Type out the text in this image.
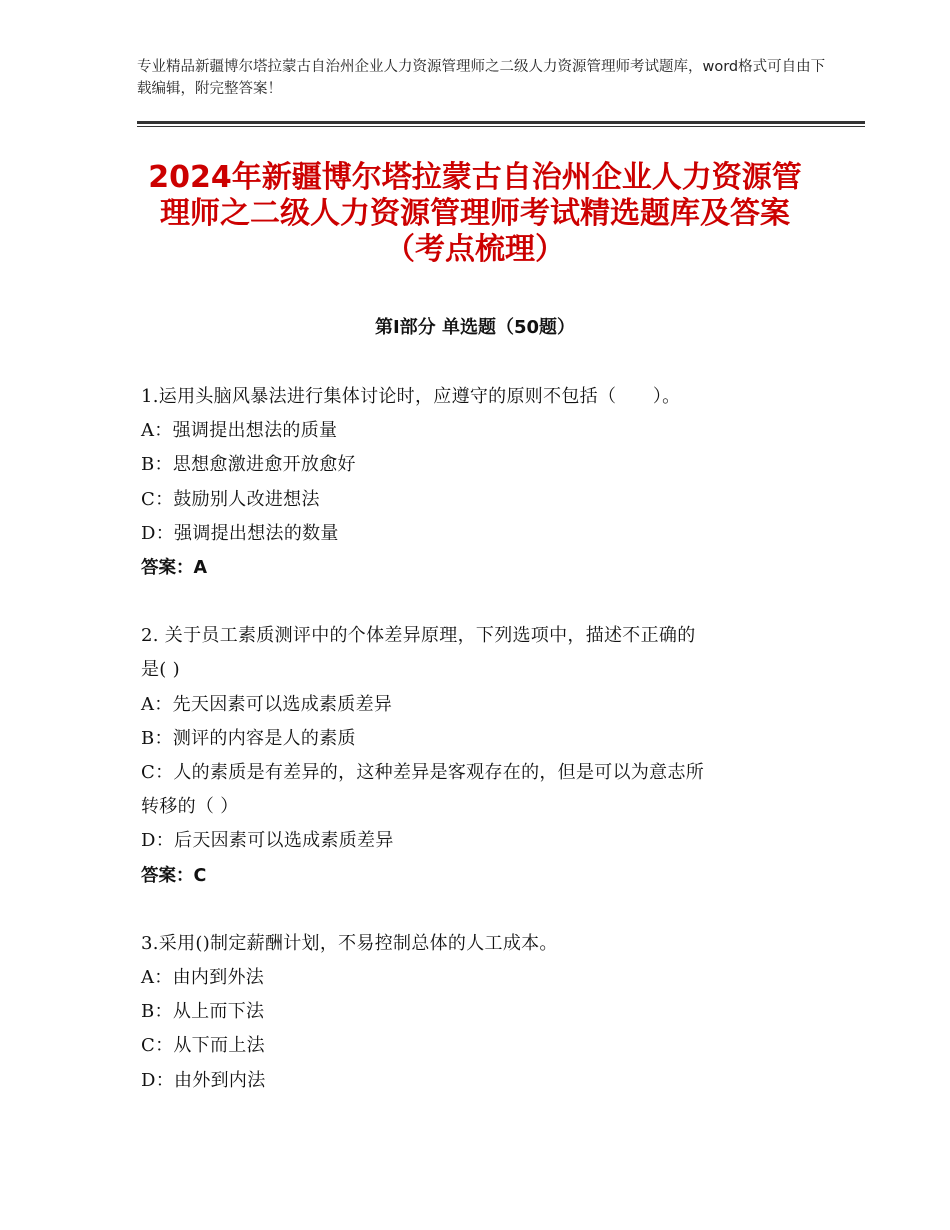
专业精品新疆博尔塔拉蒙古自治州企业人力资源管理师之二级人力资源管理师考试题库，word格式可自由下载编辑，附完整答案！
2024年新疆博尔塔拉蒙古自治州企业人力资源管理师之二级人力资源管理师考试精选题库及答案（考点梳理）
第Ⅰ部分 单选题（50题）
1.运用头脑风暴法进行集体讨论时，应遵守的原则不包括（　　）。
A：强调提出想法的质量
B：思想愈激进愈开放愈好
C：鼓励别人改进想法
D：强调提出想法的数量
答案：A
2. 关于员工素质测评中的个体差异原理，下列选项中，描述不正确的
是( )
A：先天因素可以选成素质差异
B：测评的内容是人的素质
C：人的素质是有差异的，这种差异是客观存在的，但是可以为意志所
转移的（ ）
D：后天因素可以选成素质差异
答案：C
3.采用()制定薪酬计划，不易控制总体的人工成本。
A：由内到外法
B：从上而下法
C：从下而上法
D：由外到内法
